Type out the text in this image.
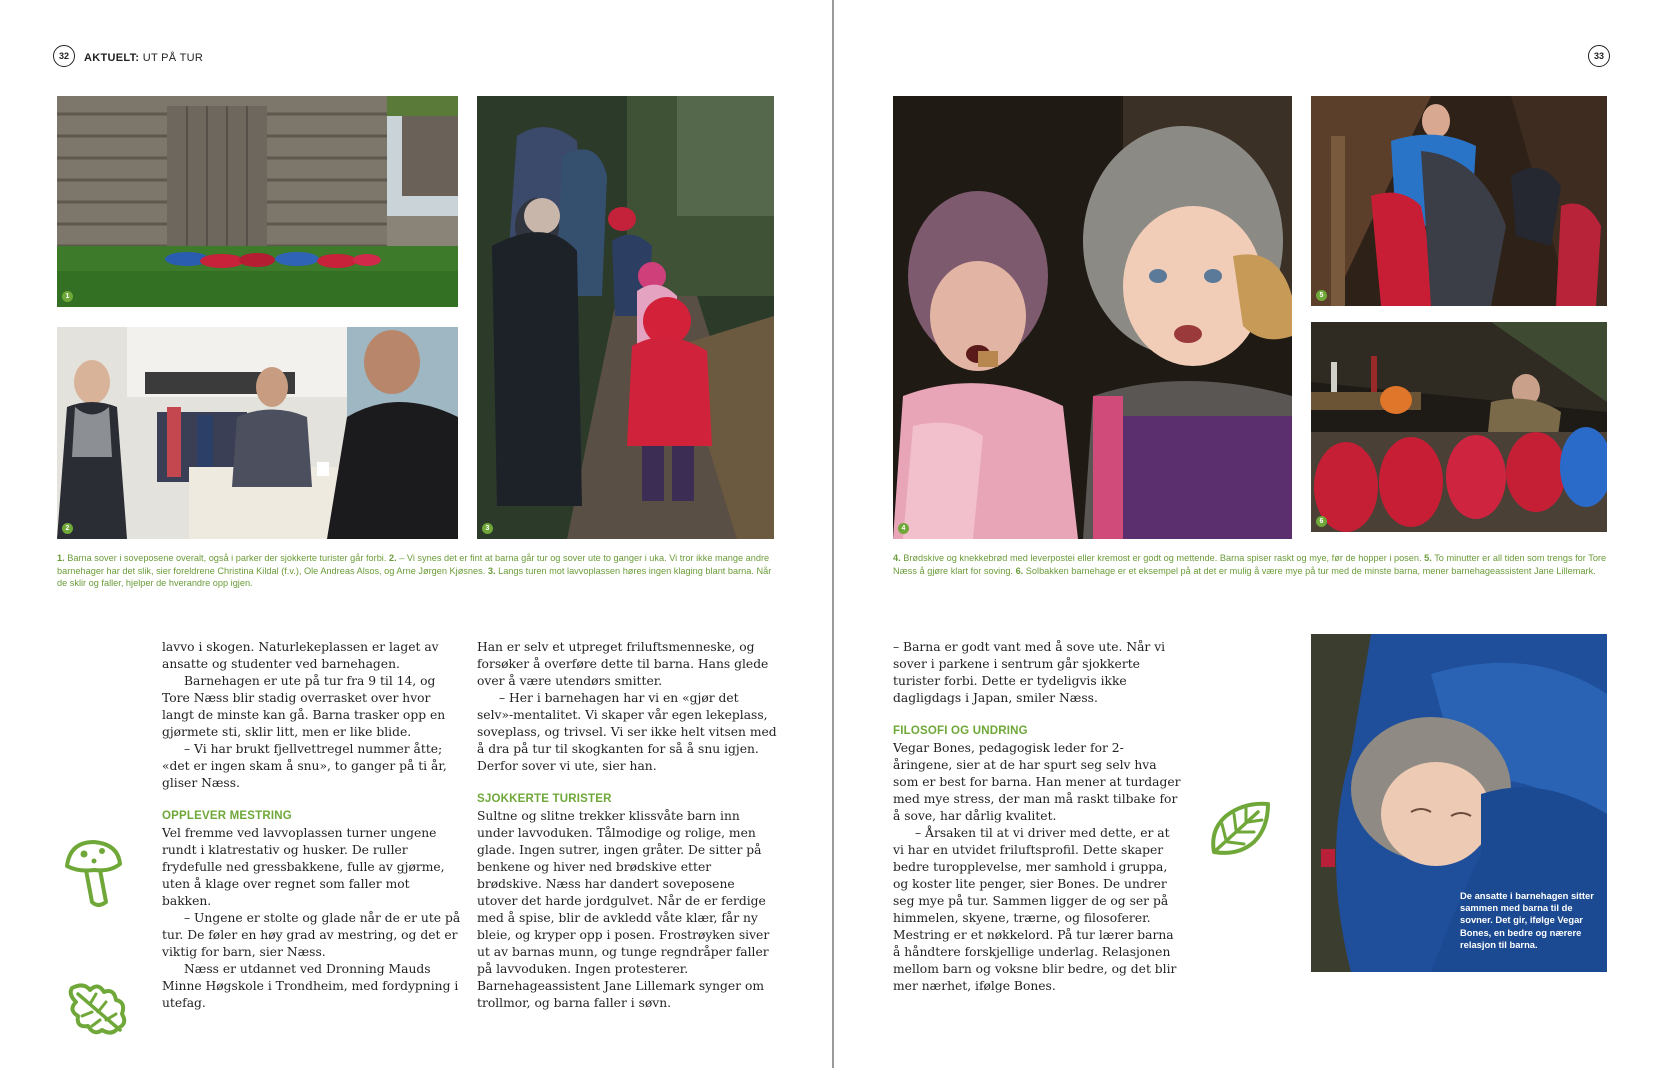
32	AKTUELT: UT PÅ TUR
1
2	3
1. Barna sover i soveposene overalt, også i parker der sjokkerte turister går forbi. 2. – Vi synes det er fint at barna går tur og sover ute to ganger i uka. Vi tror ikke mange andre barnehager har det slik, sier foreldrene Christina Kildal (f.v.), Ole Andreas Alsos, og Arne Jørgen Kjøsnes. 3. Langs turen mot lavvoplassen høres ingen klaging blant barna. Når de sklir og faller, hjelper de hverandre opp igjen.

lavvo i skogen. Naturlekeplassen er laget av ansatte og studenter ved barnehagen.

Barnehagen er ute på tur fra 9 til 14, og Tore Næss blir stadig overrasket over hvor langt de minste kan gå. Barna trasker opp en gjørmete sti, sklir litt, men er like blide.

– Vi har brukt fjellvettregel nummer åtte; «det er ingen skam å snu», to ganger på ti år, gliser Næss.

OPPLEVER MESTRING

Vel fremme ved lavvoplassen turner ungene rundt i klatrestativ og husker. De ruller frydefulle ned gressbakkene, fulle av gjørme, uten å klage over regnet som faller mot bakken.

– Ungene er stolte og glade når de er ute på tur. De føler en høy grad av mestring, og det er viktig for barn, sier Næss.

Næss er utdannet ved Dronning Mauds Minne Høgskole i Trondheim, med fordypning i utefag.

Han er selv et utpreget friluftsmenneske, og forsøker å overføre dette til barna. Hans glede over å være utendørs smitter.

– Her i barnehagen har vi en «gjør det selv»-mentalitet. Vi skaper vår egen lekeplass, soveplass, og trivsel. Vi ser ikke helt vitsen med å dra på tur til skogkanten for så å snu igjen. Derfor sover vi ute, sier han.

SJOKKERTE TURISTER

Sultne og slitne trekker klissvåte barn inn under lavvoduken. Tålmodige og rolige, men glade. Ingen sutrer, ingen gråter. De sitter på benkene og hiver ned brødskive etter brødskive. Næss har dandert soveposene utover det harde jordgulvet. Når de er ferdige med å spise, blir de avkledd våte klær, får ny bleie, og kryper opp i posen. Frostrøyken siver ut av barnas munn, og tunge regndråper faller på lavvoduken. Ingen protesterer. Barnehageassistent Jane Lillemark synger om trollmor, og barna faller i søvn.

33
4
5
6
4. Brødskive og knekkebrød med leverpostei eller kremost er godt og mettende. Barna spiser raskt og mye, før de hopper i posen. 5. To minutter er all tiden som trengs for Tore Næss å gjøre klart for soving. 6. Solbakken barnehage er et eksempel på at det er mulig å være mye på tur med de minste barna, mener barnehageassistent Jane Lillemark.

– Barna er godt vant med å sove ute. Når vi sover i parkene i sentrum går sjokkerte turister forbi. Dette er tydeligvis ikke dagligdags i Japan, smiler Næss.

FILOSOFI OG UNDRING

Vegar Bones, pedagogisk leder for 2-åringene, sier at de har spurt seg selv hva som er best for barna. Han mener at turdager med mye stress, der man må raskt tilbake for å sove, har dårlig kvalitet.

– Årsaken til at vi driver med dette, er at vi har en utvidet friluftsprofil. Dette skaper bedre turopplevelse, mer samhold i gruppa, og koster lite penger, sier Bones. De undrer seg mye på tur. Sammen ligger de og ser på himmelen, skyene, trærne, og filosoferer. Mestring er et nøkkelord. På tur lærer barna å håndtere forskjellige underlag. Relasjonen mellom barn og voksne blir bedre, og det blir mer nærhet, ifølge Bones.

De ansatte i barnehagen sitter sammen med barna til de sovner. Det gir, ifølge Vegar Bones, en bedre og nærere relasjon til barna.
